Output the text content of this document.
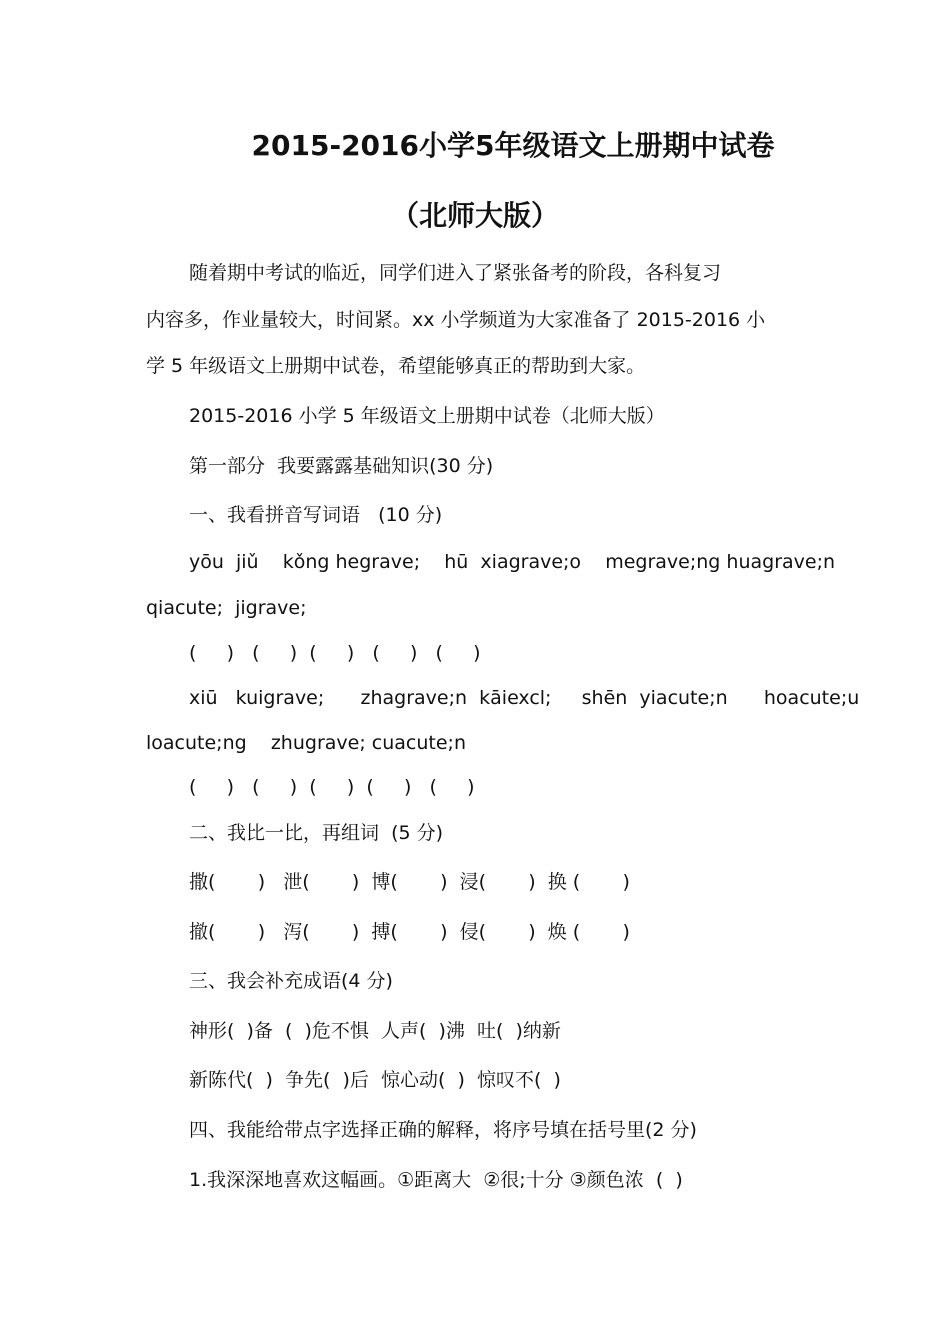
2015-2016小学5年级语文上册期中试卷
（北师大版）
随着期中考试的临近，同学们进入了紧张备考的阶段，各科复习
内容多，作业量较大，时间紧。xx 小学频道为大家准备了 2015-2016 小
学 5 年级语文上册期中试卷，希望能够真正的帮助到大家。
2015-2016 小学 5 年级语文上册期中试卷（北师大版）
第一部分  我要露露基础知识(30 分)
一、我看拼音写词语   (10 分)
yōu  jiǔ    kǒng hegrave;    hū  xiagrave;o    megrave;ng huagrave;n
qiacute;  jigrave;
(     )   (     )  (     )   (     )   (     )
xiū   kuigrave;      zhagrave;n  kāiexcl;     shēn  yiacute;n      hoacute;u
loacute;ng    zhugrave; cuacute;n
(     )   (     )  (     )  (     )   (     )
二、我比一比，再组词  (5 分)
撒(       )   泄(       )  博(       )  浸(       )  换 (       )
撤(       )   泻(       )  搏(       )  侵(       )  焕 (       )
三、我会补充成语(4 分)
神形(  )备  (  )危不惧  人声(  )沸  吐(  )纳新
新陈代(  )  争先(  )后  惊心动(  )  惊叹不(  )
四、我能给带点字选择正确的解释，将序号填在括号里(2 分)
1.我深深地喜欢这幅画。①距离大  ②很;十分 ③颜色浓  (  )
